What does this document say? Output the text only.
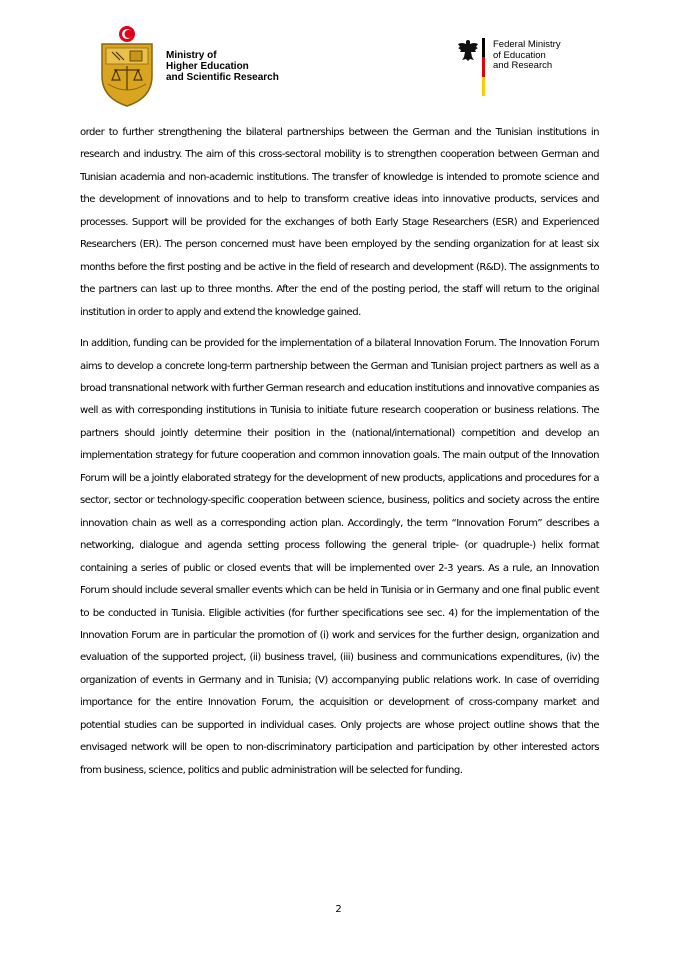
Ministry of
Higher Education
and Scientific Research
Federal Ministry
of Education
and Research

order to further strengthening the bilateral partnerships between the German and the Tunisian institutions in research and industry. The aim of this cross-sectoral mobility is to strengthen cooperation between German and Tunisian academia and non-academic institutions. The transfer of knowledge is intended to promote science and the development of innovations and to help to transform creative ideas into innovative products, services and processes. Support will be provided for the exchanges of both Early Stage Researchers (ESR) and Experienced Researchers (ER). The person concerned must have been employed by the sending organization for at least six months before the first posting and be active in the field of research and development (R&D). The assignments to the partners can last up to three months. After the end of the posting period, the staff will return to the original institution in order to apply and extend the knowledge gained.

In addition, funding can be provided for the implementation of a bilateral Innovation Forum. The Innovation Forum aims to develop a concrete long-term partnership between the German and Tunisian project partners as well as a broad transnational network with further German research and education institutions and innovative companies as well as with corresponding institutions in Tunisia to initiate future research cooperation or business relations. The partners should jointly determine their position in the (national/international) competition and develop an implementation strategy for future cooperation and common innovation goals. The main output of the Innovation Forum will be a jointly elaborated strategy for the development of new products, applications and procedures for a sector, sector or technology-specific cooperation between science, business, politics and society across the entire innovation chain as well as a corresponding action plan. Accordingly, the term “Innovation Forum” describes a networking, dialogue and agenda setting process following the general triple- (or quadruple-) helix format containing a series of public or closed events that will be implemented over 2-3 years. As a rule, an Innovation Forum should include several smaller events which can be held in Tunisia or in Germany and one final public event to be conducted in Tunisia. Eligible activities (for further specifications see sec. 4) for the implementation of the Innovation Forum are in particular the promotion of (i) work and services for the further design, organization and evaluation of the supported project, (ii) business travel, (iii) business and communications expenditures, (iv) the organization of events in Germany and in Tunisia; (V) accompanying public relations work. In case of overriding importance for the entire Innovation Forum, the acquisition or development of cross-company market and potential studies can be supported in individual cases. Only projects are whose project outline shows that the envisaged network will be open to non-discriminatory participation and participation by other interested actors from business, science, politics and public administration will be selected for funding.

2
